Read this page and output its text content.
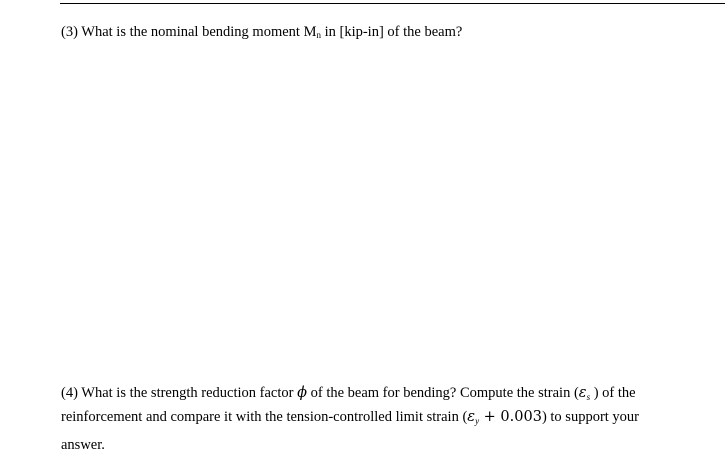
(3) What is the nominal bending moment $M_n$ in [kip-in] of the beam?
(4) What is the strength reduction factor ϕ of the beam for bending? Compute the strain ($\varepsilon_s$ ) of the
reinforcement and compare it with the tension-controlled limit strain $(\varepsilon_y + 0.003)$ to support your
answer.
